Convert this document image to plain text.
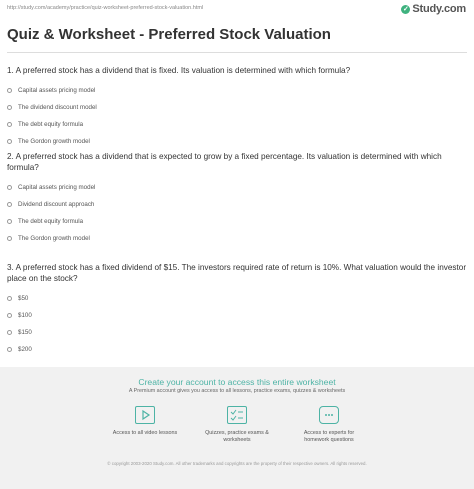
http://study.com/academy/practice/quiz-worksheet-preferred-stock-valuation.html	✓ Study.com
Quiz & Worksheet - Preferred Stock Valuation

1. A preferred stock has a dividend that is fixed. Its valuation is determined with which formula?

Capital assets pricing model
The dividend discount model
The debt equity formula
The Gordon growth model

2. A preferred stock has a dividend that is expected to grow by a fixed percentage. Its valuation is determined with which formula?

Capital assets pricing model
Dividend discount approach
The debt equity formula
The Gordon growth model

3. A preferred stock has a fixed dividend of $15. The investors required rate of return is 10%. What valuation would the investor place on the stock?

$50
$100
$150
$200
Create your account to access this entire worksheet
A Premium account gives you access to all lessons, practice exams, quizzes & worksheets
Access to all video lessons	Quizzes, practice exams & worksheets
Access to experts for homework questions
© copyright 2003-2020 Study.com. All other trademarks and copyrights are the property of their respective owners. All rights reserved.
